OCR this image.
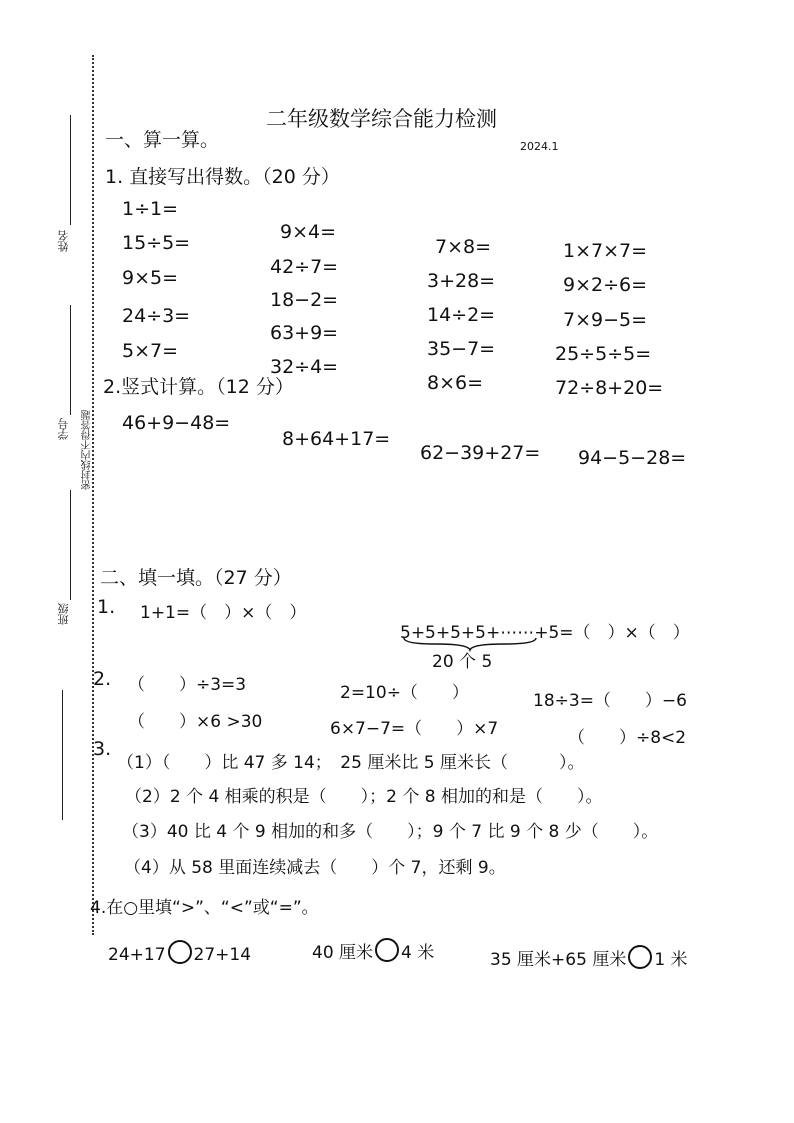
姓名
学号 密封线内不得答题
班级
二年级数学综合能力检测
2024.1
一、算一算。
1. 直接写出得数。（20 分）
1÷1=
15÷5=
9×5=
24÷3=
5×7=
9×4=
42÷7=
18−2=
63+9=
32÷4=
7×8=
3+28=
14÷2=
35−7=
8×6=
1×7×7=
9×2÷6=
7×9−5=
25÷5÷5=
72÷8+20=
2.竖式计算。（12 分）
46+9−48=
8+64+17=
62−39+27= 94−5−28=
二、填一填。（27 分）
1. 1+1=（　）×（　）
5+5+5+5+⋯⋯+5=（　）×（　）
20 个 5
2. （　　）÷3=3	2=10÷（　　）	18÷3=（　　）−6
（　　）×6 >30	6×7−7=（　　）×7	（　　）÷8<2
3.
（1）（　　）比 47 多 14；　25 厘米比 5 厘米长（　　　）。
（2）2 个 4 相乘的积是（　　）；2 个 8 相加的和是（　　）。
（3）40 比 4 个 9 相加的和多（　　）；9 个 7 比 9 个 8 少（　　）。
（4）从 58 里面连续减去（　　）个 7，还剩 9。
4.在○里填“>”、“<”或“=”。
24+17 27+14	40 厘米 4 米	35 厘米+65 厘米 1 米
